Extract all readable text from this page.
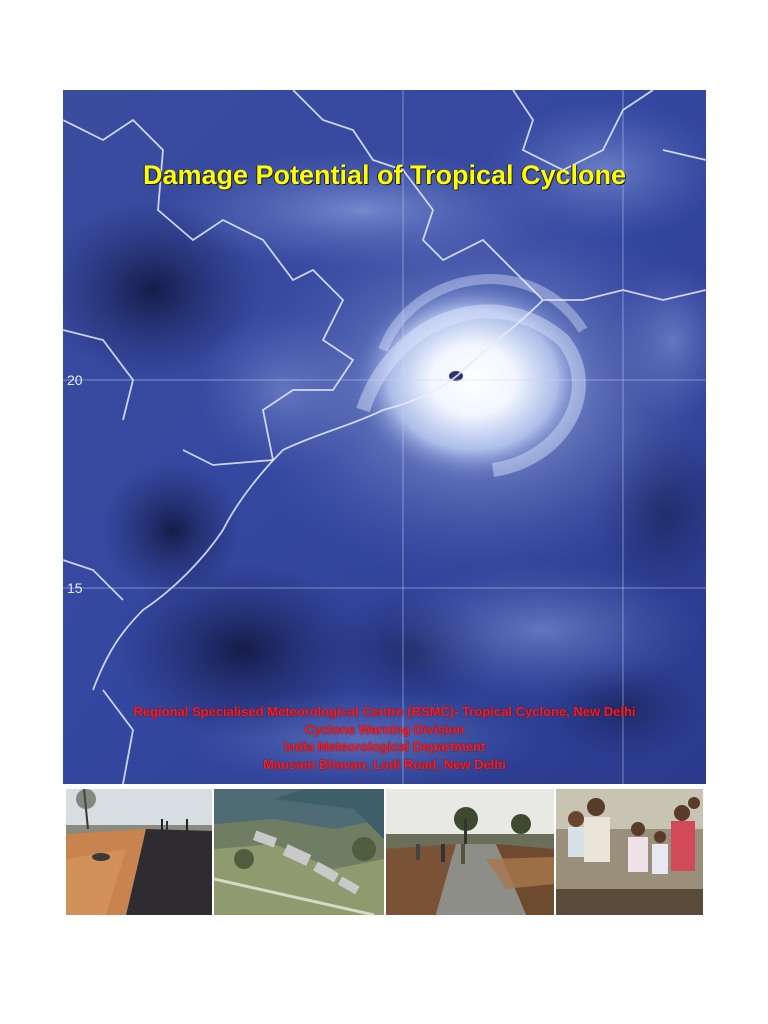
20
15
Damage Potential of Tropical Cyclone
Regional Specialised Meteorological Centre (RSMC)- Tropical Cyclone, New Delhi
Cyclone Warning Division
India Meteorological Department
Mausam Bhavan, Lodi Road, New Delhi
